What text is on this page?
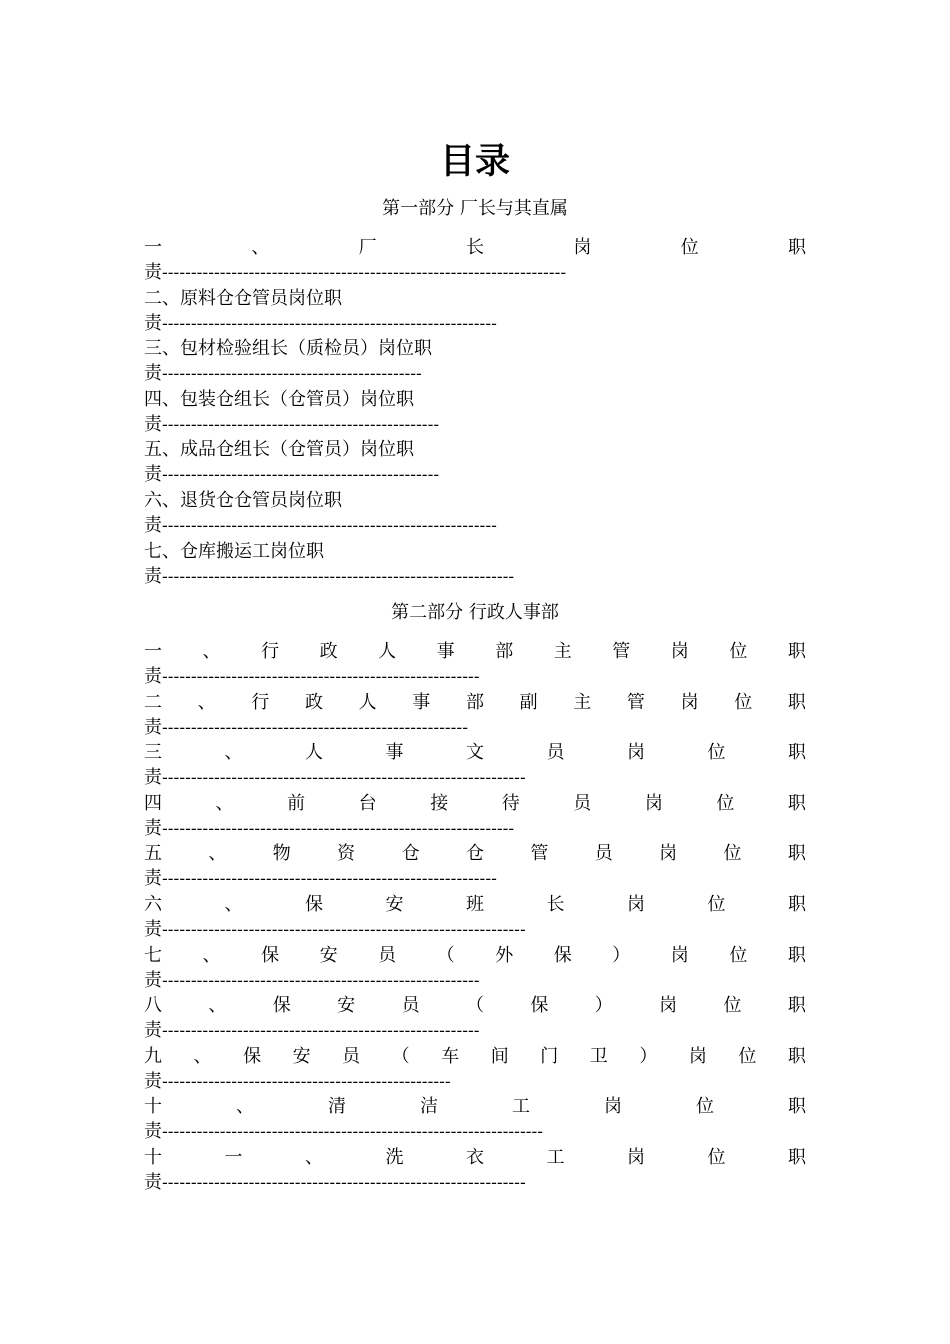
目录
第一部分 厂长与其直属
一	、	厂	长	岗	位	职
责----------------------------------------------------------------------
二、原料仓仓管员岗位职
责----------------------------------------------------------
三、包材检验组长（质检员）岗位职
责---------------------------------------------
四、包装仓组长（仓管员）岗位职
责------------------------------------------------
五、成品仓组长（仓管员）岗位职
责------------------------------------------------
六、退货仓仓管员岗位职
责----------------------------------------------------------
七、仓库搬运工岗位职
责-------------------------------------------------------------
第二部分 行政人事部
一 、 行 政 人 事 部 主 管 岗 位 职
责-------------------------------------------------------
二 、 行 政 人 事 部 副 主 管 岗 位 职
责-----------------------------------------------------
三	、	人	事	文	员	岗	位	职
责---------------------------------------------------------------
四	、	前	台	接	待	员	岗	位	职
责-------------------------------------------------------------
五	、	物	资	仓	仓	管	员	岗	位	职
责----------------------------------------------------------
六	、	保	安	班	长	岗	位	职
责---------------------------------------------------------------
七 、 保 安 员 （ 外 保 ） 岗 位 职
责-------------------------------------------------------
八	、	保	安	员	（	保	）	岗	位	职
责-------------------------------------------------------
九 、 保 安 员 （ 车 间 门 卫 ） 岗 位 职
责--------------------------------------------------
十	、	清	洁	工	岗	位	职
责------------------------------------------------------------------
十	一	、	洗	衣	工	岗	位	职
责---------------------------------------------------------------
